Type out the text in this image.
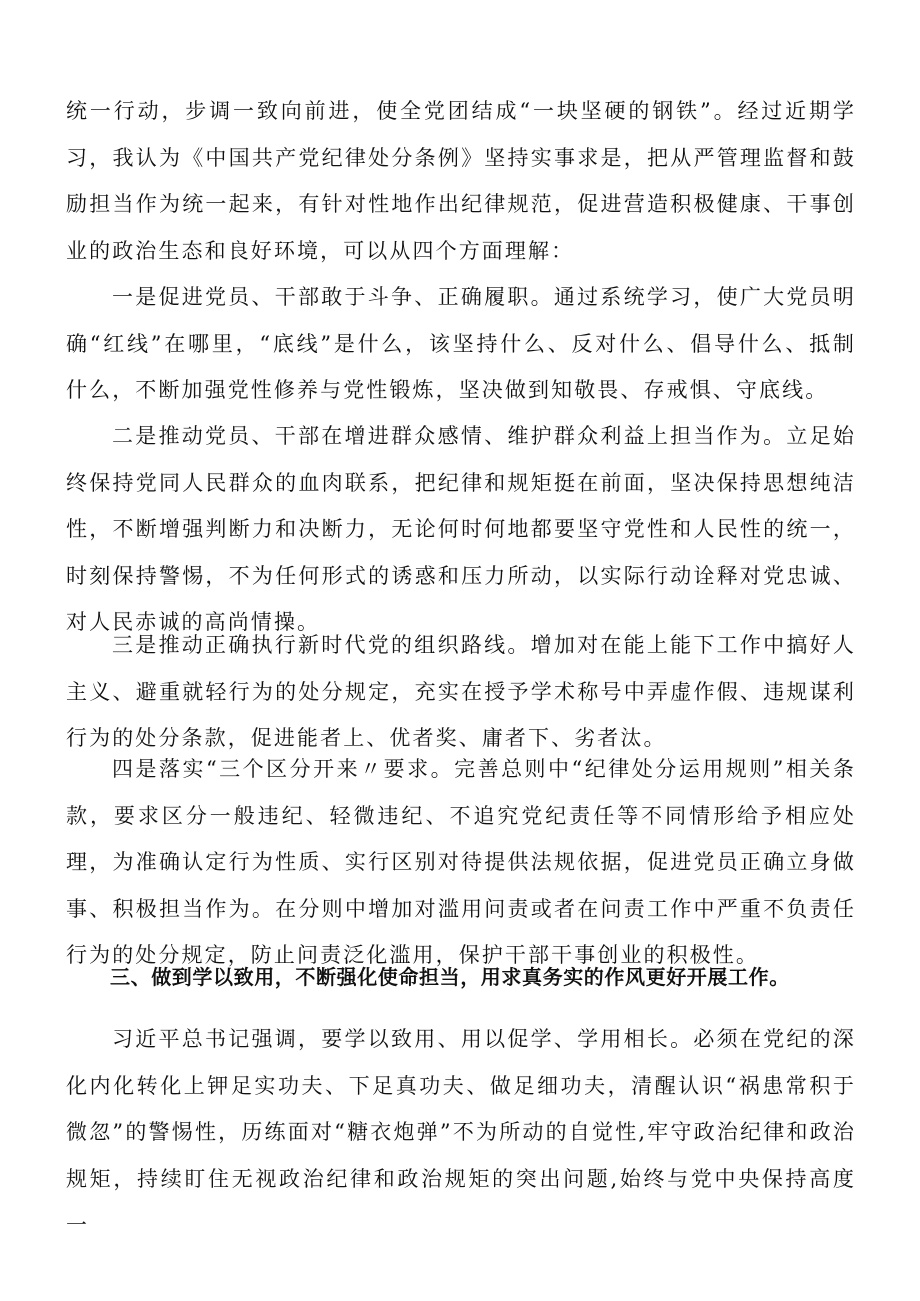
统一行动，步调一致向前进，使全党团结成“一块坚硬的钢铁”。经过近期学习，我认为《中国共产党纪律处分条例》坚持实事求是，把从严管理监督和鼓励担当作为统一起来，有针对性地作出纪律规范，促进营造积极健康、干事创业的政治生态和良好环境，可以从四个方面理解：

一是促进党员、干部敢于斗争、正确履职。通过系统学习，使广大党员明确“红线”在哪里，“底线”是什么，该坚持什么、反对什么、倡导什么、抵制什么，不断加强党性修养与党性锻炼，坚决做到知敬畏、存戒惧、守底线。

二是推动党员、干部在增进群众感情、维护群众利益上担当作为。立足始终保持党同人民群众的血肉联系，把纪律和规矩挺在前面，坚决保持思想纯洁性，不断增强判断力和决断力，无论何时何地都要坚守党性和人民性的统一，时刻保持警惕，不为任何形式的诱惑和压力所动，以实际行动诠释对党忠诚、对人民赤诚的高尚情操。

三是推动正确执行新时代党的组织路线。增加对在能上能下工作中搞好人主义、避重就轻行为的处分规定，充实在授予学术称号中弄虚作假、违规谋利行为的处分条款，促进能者上、优者奖、庸者下、劣者汰。

四是落实“三个区分开来〃要求。完善总则中“纪律处分运用规则”相关条款，要求区分一般违纪、轻微违纪、不追究党纪责任等不同情形给予相应处理，为准确认定行为性质、实行区别对待提供法规依据，促进党员正确立身做事、积极担当作为。在分则中增加对滥用问责或者在问责工作中严重不负责任行为的处分规定，防止问责泛化滥用，保护干部干事创业的积极性。

三、做到学以致用，不断强化使命担当，用求真务实的作风更好开展工作。

习近平总书记强调，要学以致用、用以促学、学用相长。必须在党纪的深化内化转化上钾足实功夫、下足真功夫、做足细功夫，清醒认识“祸患常积于微忽”的警惕性，历练面对“糖衣炮弹”不为所动的自觉性,牢守政治纪律和政治规矩，持续盯住无视政治纪律和政治规矩的突出问题,始终与党中央保持高度一
